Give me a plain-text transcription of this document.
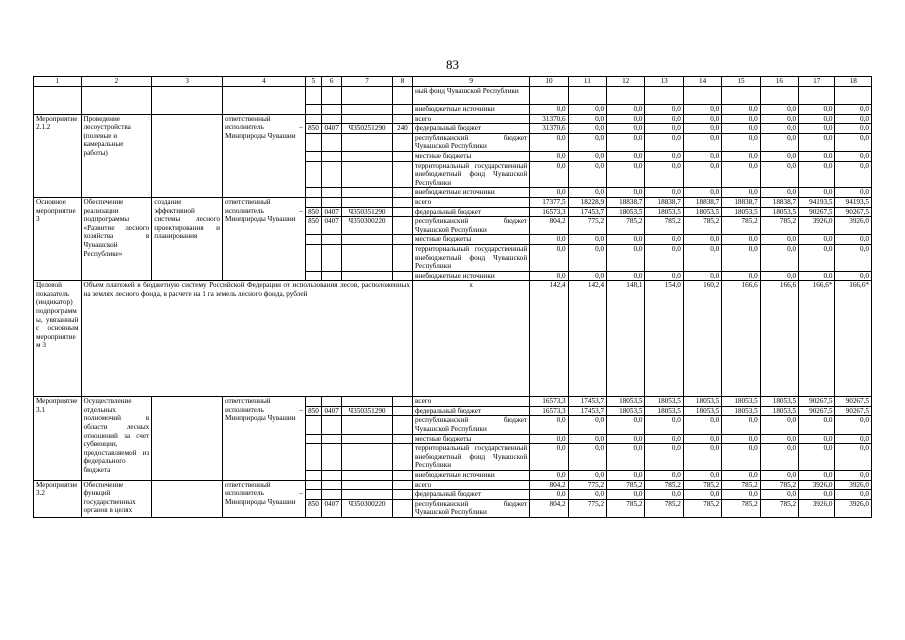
83
1	2	3	4	5	6	7	8	9	10	11	12	13	14	15	16	17	18
								ный фонд Чувашской Республики									
								внебюджетные источники	0,0	0,0	0,0	0,0	0,0	0,0	0,0	0,0	0,0
Мероприятие 2.1.2	Проведение лесоустройства (полевые и камеральные работы)		ответственный исполнитель – Минприроды Чувашии					всего	31370,6	0,0	0,0	0,0	0,0	0,0	0,0	0,0	0,0
				850	0407	Ч350251290	240	федеральный бюджет	31370,6	0,0	0,0	0,0	0,0	0,0	0,0	0,0	0,0
								республиканский бюджет Чувашской Республики	0,0	0,0	0,0	0,0	0,0	0,0	0,0	0,0	0,0
								местные бюджеты	0,0	0,0	0,0	0,0	0,0	0,0	0,0	0,0	0,0
								территориальный государственный внебюджетный фонд Чувашской Республики	0,0	0,0	0,0	0,0	0,0	0,0	0,0	0,0	0,0
								внебюджетные источники	0,0	0,0	0,0	0,0	0,0	0,0	0,0	0,0	0,0
Основное мероприятие 3	Обеспечение реализации подпрограммы «Развитие лесного хозяйства в Чувашской Республике»	создание эффективной системы лесного проектирования и планирования	ответственный исполнитель – Минприроды Чувашии					всего	17377,5	18228,9	18838,7	18838,7	18838,7	18838,7	18838,7	94193,5	94193,5
				850	0407	Ч350351290		федеральный бюджет	16573,3	17453,7	18053,5	18053,5	18053,5	18053,5	18053,5	90267,5	90267,5
				850	0407	Ч350300220		республиканский бюджет Чувашской Республики	804,2	775,2	785,2	785,2	785,2	785,2	785,2	3926,0	3926,0
								местные бюджеты	0,0	0,0	0,0	0,0	0,0	0,0	0,0	0,0	0,0
								территориальный государственный внебюджетный фонд Чувашской Республики	0,0	0,0	0,0	0,0	0,0	0,0	0,0	0,0	0,0
								внебюджетные источники	0,0	0,0	0,0	0,0	0,0	0,0	0,0	0,0	0,0
Целевой показатель (индикатор) подпрограммы, увязанный с основным мероприятием 3	Объем платежей в бюджетную систему Российской Федерации от использования лесов, расположенных на землях лесного фонда, в расчете на 1 га земель лесного фонда, рублей							х	142,4	142,4	148,1	154,0	160,2	166,6	166,6	166,6*	166,6*
Мероприятие 3.1	Осуществление отдельных полномочий в области лесных отношений за счет субвенции, предоставляемой из федерального бюджета		ответственный исполнитель – Минприроды Чувашии					всего	16573,3	17453,7	18053,5	18053,5	18053,5	18053,5	18053,5	90267,5	90267,5
				850	0407	Ч350351290		федеральный бюджет	16573,3	17453,7	18053,5	18053,5	18053,5	18053,5	18053,5	90267,5	90267,5
								республиканский бюджет Чувашской Республики	0,0	0,0	0,0	0,0	0,0	0,0	0,0	0,0	0,0
								местные бюджеты	0,0	0,0	0,0	0,0	0,0	0,0	0,0	0,0	0,0
								территориальный государственный внебюджетный фонд Чувашской Республики	0,0	0,0	0,0	0,0	0,0	0,0	0,0	0,0	0,0
								внебюджетные источники	0,0	0,0	0,0	0,0	0,0	0,0	0,0	0,0	0,0
Мероприятие 3.2	Обеспечение функций государственных органов в целях		ответственный исполнитель – Минприроды Чувашии					всего	804,2	775,2	785,2	785,2	785,2	785,2	785,2	3926,0	3926,0
								федеральный бюджет	0,0	0,0	0,0	0,0	0,0	0,0	0,0	0,0	0,0
				850	0407	Ч350300220		республиканский бюджет Чувашской Республики	804,2	775,2	785,2	785,2	785,2	785,2	785,2	3926,0	3926,0
